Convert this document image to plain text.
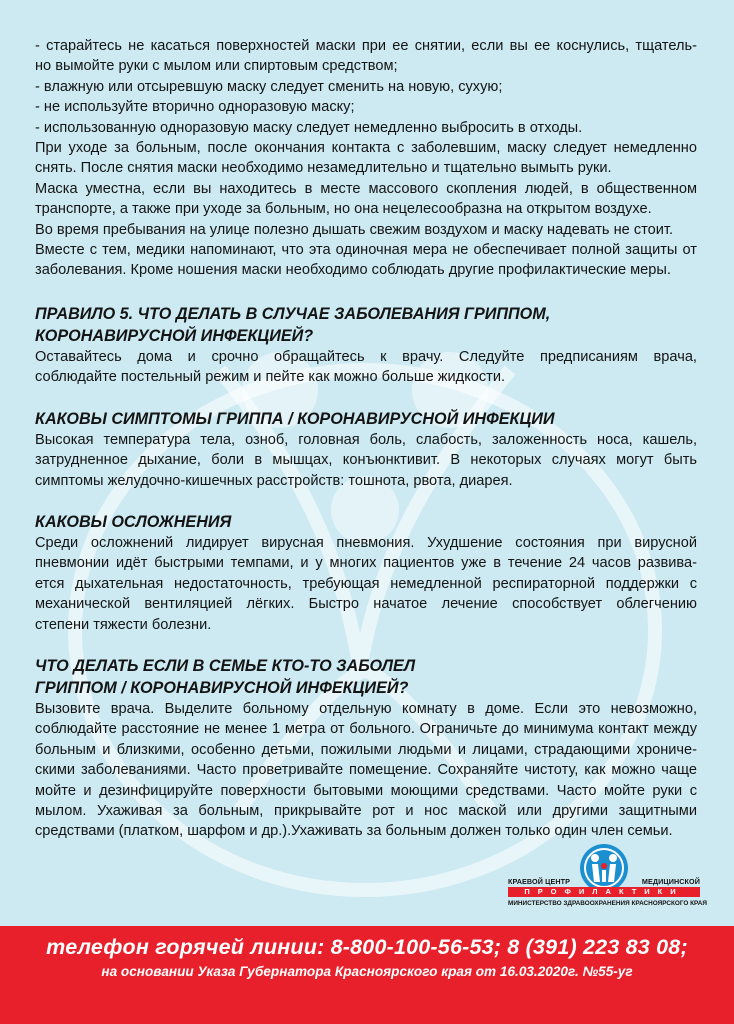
- старайтесь не касаться поверхностей маски при ее снятии, если вы ее коснулись, тщатель-

но вымойте руки с мылом или спиртовым средством;

- влажную или отсыревшую маску следует сменить на новую, сухую;

- не используйте вторично одноразовую маску;

- использованную одноразовую маску следует немедленно выбросить в отходы.

При уходе за больным, после окончания контакта с заболевшим, маску следует немедленно

снять. После снятия маски необходимо незамедлительно и тщательно вымыть руки.

Маска уместна, если вы находитесь в месте массового скопления людей, в общественном

транспорте, а также при уходе за больным, но она нецелесообразна на открытом воздухе.

Во время пребывания на улице полезно дышать свежим воздухом и маску надевать не стоит.

Вместе с тем, медики напоминают, что эта одиночная мера не обеспечивает полной защиты от

заболевания. Кроме ношения маски необходимо соблюдать другие профилактические меры.

ПРАВИЛО 5. ЧТО ДЕЛАТЬ В СЛУЧАЕ ЗАБОЛЕВАНИЯ ГРИППОМ,
КОРОНАВИРУСНОЙ ИНФЕКЦИЕЙ?

Оставайтесь дома и срочно обращайтесь к врачу. Следуйте предписаниям врача,

соблюдайте постельный режим и пейте как можно больше жидкости.

КАКОВЫ СИМПТОМЫ ГРИППА / КОРОНАВИРУСНОЙ ИНФЕКЦИИ

Высокая температура тела, озноб, головная боль, слабость, заложенность носа, кашель,

затрудненное дыхание, боли в мышцах, конъюнктивит. В некоторых случаях могут быть

симптомы желудочно-кишечных расстройств: тошнота, рвота, диарея.

КАКОВЫ ОСЛОЖНЕНИЯ

Среди осложнений лидирует вирусная пневмония. Ухудшение состояния при вирусной

пневмонии идёт быстрыми темпами, и у многих пациентов уже в течение 24 часов развива-

ется дыхательная недостаточность, требующая немедленной респираторной поддержки с

механической вентиляцией лёгких. Быстро начатое лечение способствует облегчению

степени тяжести болезни.

ЧТО ДЕЛАТЬ ЕСЛИ В СЕМЬЕ КТО-ТО ЗАБОЛЕЛ
ГРИППОМ / КОРОНАВИРУСНОЙ ИНФЕКЦИЕЙ?

Вызовите врача. Выделите больному отдельную комнату в доме. Если это невозможно,

соблюдайте расстояние не менее 1 метра от больного. Ограничьте до минимума контакт между

больным и близкими, особенно детьми, пожилыми людьми и лицами, страдающими хрониче-

скими заболеваниями. Часто проветривайте помещение. Сохраняйте чистоту, как можно чаще

мойте и дезинфицируйте поверхности бытовыми моющими средствами. Часто мойте руки с

мылом. Ухаживая за больным, прикрывайте рот и нос маской или другими защитными

средствами (платком, шарфом и др.).Ухаживать за больным должен только один член семьи.

КРАЕВОЙ ЦЕНТР	МЕДИЦИНСКОЙ
ПРОФИЛАКТИКИ
МИНИСТЕРСТВО ЗДРАВООХРАНЕНИЯ КРАСНОЯРСКОГО КРАЯ
телефон горячей линии: 8-800-100-56-53; 8 (391) 223 83 08;
на основании Указа Губернатора Красноярского края от 16.03.2020г. №55-уг
